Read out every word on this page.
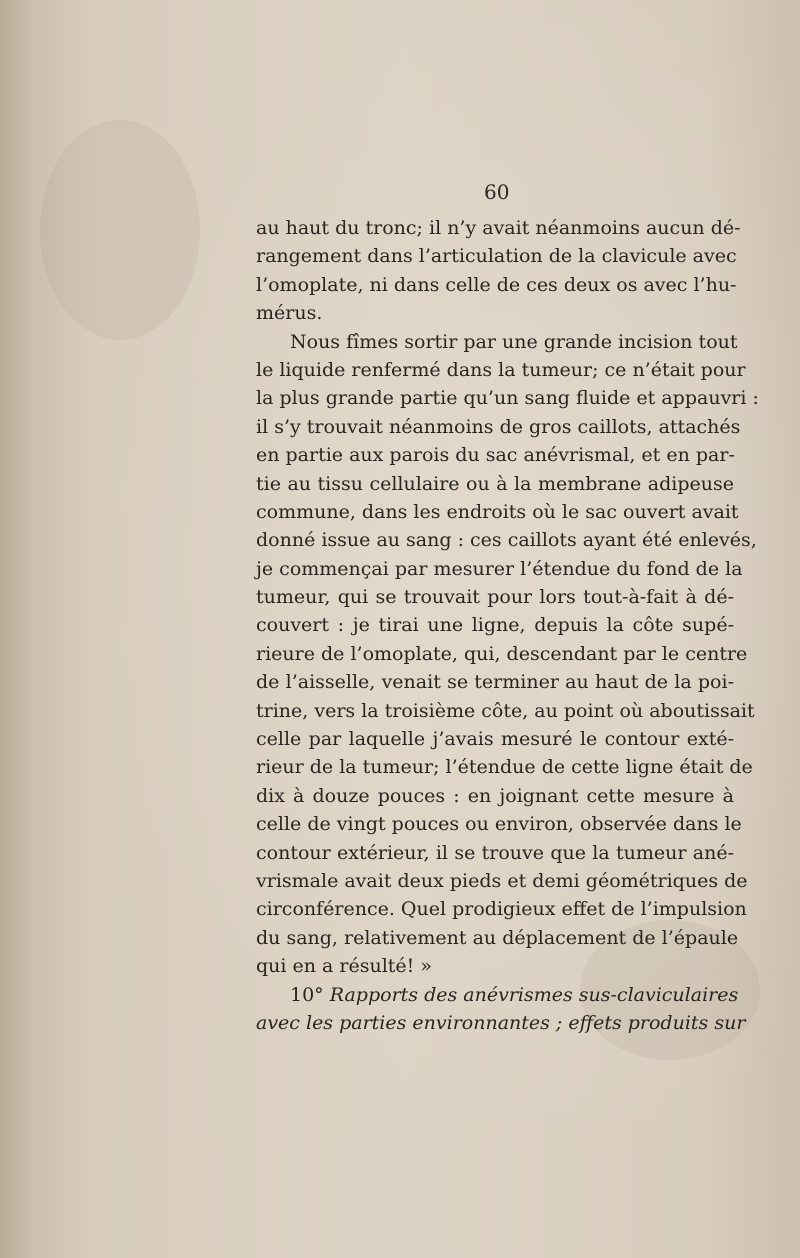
60
au haut du tronc; il n’y avait néanmoins aucun dé-
rangement dans l’articulation de la clavicule avec
l’omoplate, ni dans celle de ces deux os avec l’hu-
mérus.
Nous fîmes sortir par une grande incision tout
le liquide renfermé dans la tumeur; ce n’était pour
la plus grande partie qu’un sang fluide et appauvri :
il s’y trouvait néanmoins de gros caillots, attachés
en partie aux parois du sac anévrismal, et en par-
tie au tissu cellulaire ou à la membrane adipeuse
commune, dans les endroits où le sac ouvert avait
donné issue au sang : ces caillots ayant été enlevés,
je commençai par mesurer l’étendue du fond de la
tumeur, qui se trouvait pour lors tout-à-fait à dé-
couvert : je tirai une ligne, depuis la côte supé-
rieure de l’omoplate, qui, descendant par le centre
de l’aisselle, venait se terminer au haut de la poi-
trine, vers la troisième côte, au point où aboutissait
celle par laquelle j’avais mesuré le contour exté-
rieur de la tumeur; l’étendue de cette ligne était de
dix à douze pouces : en joignant cette mesure à
celle de vingt pouces ou environ, observée dans le
contour extérieur, il se trouve que la tumeur ané-
vrismale avait deux pieds et demi géométriques de
circonférence. Quel prodigieux effet de l’impulsion
du sang, relativement au déplacement de l’épaule
qui en a résulté! »
10° Rapports des anévrismes sus-claviculaires
avec les parties environnantes ; effets produits sur
